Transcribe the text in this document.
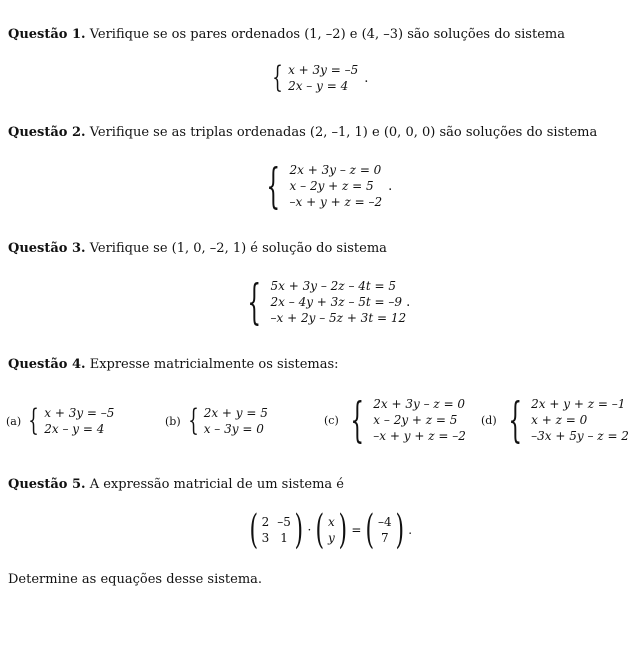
Questão 1. Verifique se os pares ordenados (1, –2) e (4, –3) são soluções do sistema
{ x + 3y = –5
2x – y = 4
.
Questão 2. Verifique se as triplas ordenadas (2, –1, 1) e (0, 0, 0) são soluções do sistema
{ 2x + 3y – z = 0
x – 2y + z = 5
–x + y + z = –2
.
Questão 3. Verifique se (1, 0, –2, 1) é solução do sistema
{ 5x + 3y – 2z – 4t = 5
2x – 4y + 3z – 5t = –9
–x + 2y – 5z + 3t = 12
.
Questão 4. Expresse matricialmente os sistemas:
(a) { x + 3y = –5
2x – y = 4
(b) { 2x + y = 5
x – 3y = 0
(c) { 2x + 3y – z = 0
x – 2y + z = 5
–x + y + z = –2
(d) { 2x + y + z = –1
x + z = 0
–3x + 5y – z = 2
Questão 5. A expressão matricial de um sistema é
( 2 –5
3 1 ) · ( x
y ) = ( –4
7 ) .
Determine as equações desse sistema.
